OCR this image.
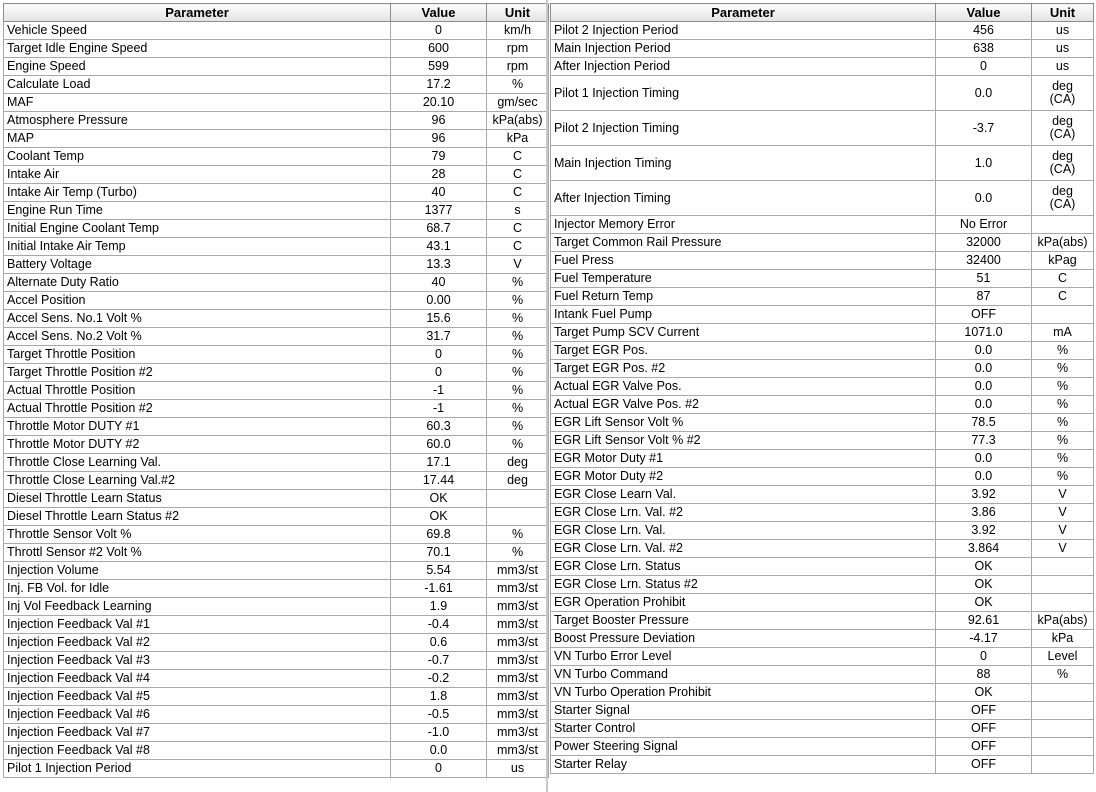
Parameter	Value	Unit
Vehicle Speed	0	km/h
Target Idle Engine Speed	600	rpm
Engine Speed	599	rpm
Calculate Load	17.2	%
MAF	20.10	gm/sec
Atmosphere Pressure	96	kPa(abs)
MAP	96	kPa
Coolant Temp	79	C
Intake Air	28	C
Intake Air Temp (Turbo)	40	C
Engine Run Time	1377	s
Initial Engine Coolant Temp	68.7	C
Initial Intake Air Temp	43.1	C
Battery Voltage	13.3	V
Alternate Duty Ratio	40	%
Accel Position	0.00	%
Accel Sens. No.1 Volt %	15.6	%
Accel Sens. No.2 Volt %	31.7	%
Target Throttle Position	0	%
Target Throttle Position #2	0	%
Actual Throttle Position	-1	%
Actual Throttle Position #2	-1	%
Throttle Motor DUTY #1	60.3	%
Throttle Motor DUTY #2	60.0	%
Throttle Close Learning Val.	17.1	deg
Throttle Close Learning Val.#2	17.44	deg
Diesel Throttle Learn Status	OK	
Diesel Throttle Learn Status #2	OK	
Throttle Sensor Volt %	69.8	%
Throttl Sensor #2 Volt %	70.1	%
Injection Volume	5.54	mm3/st
Inj. FB Vol. for Idle	-1.61	mm3/st
Inj Vol Feedback Learning	1.9	mm3/st
Injection Feedback Val #1	-0.4	mm3/st
Injection Feedback Val #2	0.6	mm3/st
Injection Feedback Val #3	-0.7	mm3/st
Injection Feedback Val #4	-0.2	mm3/st
Injection Feedback Val #5	1.8	mm3/st
Injection Feedback Val #6	-0.5	mm3/st
Injection Feedback Val #7	-1.0	mm3/st
Injection Feedback Val #8	0.0	mm3/st
Pilot 1 Injection Period	0	us
Parameter	Value	Unit
Pilot 2 Injection Period	456	us
Main Injection Period	638	us
After Injection Period	0	us
Pilot 1 Injection Timing	0.0	deg
(CA)

Pilot 2 Injection Timing	-3.7	deg
(CA)

Main Injection Timing	1.0	deg
(CA)

After Injection Timing	0.0	deg
(CA)

Injector Memory Error	No Error	
Target Common Rail Pressure	32000	kPa(abs)
Fuel Press	32400	kPag
Fuel Temperature	51	C
Fuel Return Temp	87	C
Intank Fuel Pump	OFF	
Target Pump SCV Current	1071.0	mA
Target EGR Pos.	0.0	%
Target EGR Pos. #2	0.0	%
Actual EGR Valve Pos.	0.0	%
Actual EGR Valve Pos. #2	0.0	%
EGR Lift Sensor Volt %	78.5	%
EGR Lift Sensor Volt % #2	77.3	%
EGR Motor Duty #1	0.0	%
EGR Motor Duty #2	0.0	%
EGR Close Learn Val.	3.92	V
EGR Close Lrn. Val. #2	3.86	V
EGR Close Lrn. Val.	3.92	V
EGR Close Lrn. Val. #2	3.864	V
EGR Close Lrn. Status	OK	
EGR Close Lrn. Status #2	OK	
EGR Operation Prohibit	OK	
Target Booster Pressure	92.61	kPa(abs)
Boost Pressure Deviation	-4.17	kPa
VN Turbo Error Level	0	Level
VN Turbo Command	88	%
VN Turbo Operation Prohibit	OK	
Starter Signal	OFF	
Starter Control	OFF	
Power Steering Signal	OFF	
Starter Relay	OFF	
